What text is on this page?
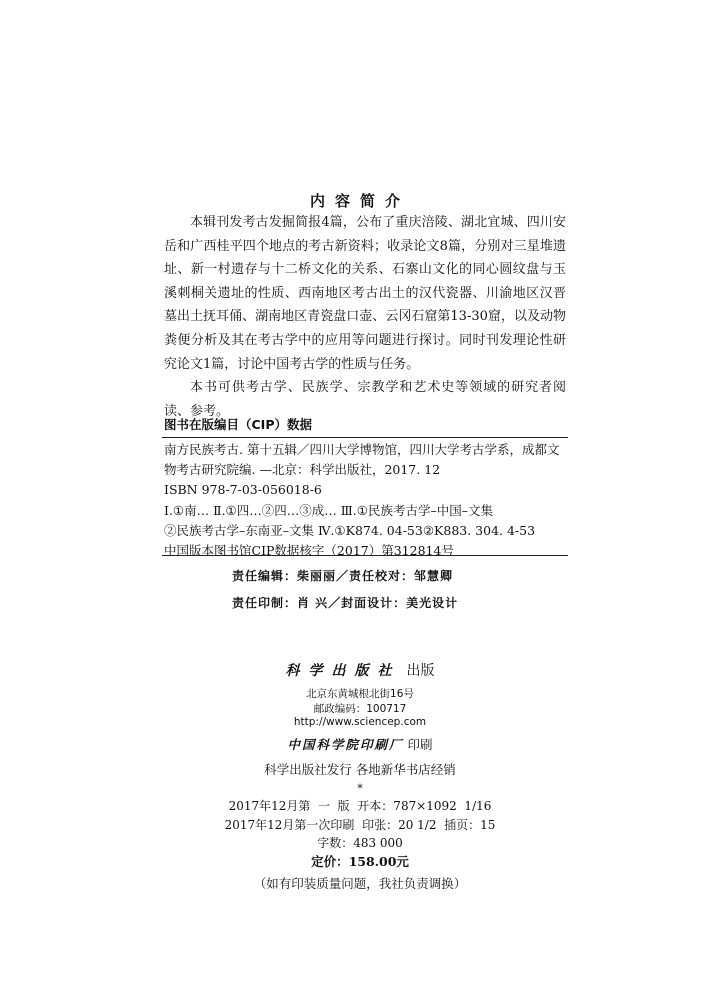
内容简介

本辑刊发考古发掘简报4篇，公布了重庆涪陵、湖北宜城、四川安岳和广西桂平四个地点的考古新资料；收录论文8篇，分别对三星堆遗址、新一村遗存与十二桥文化的关系、石寨山文化的同心圆纹盘与玉溪刺桐关遗址的性质、西南地区考古出土的汉代瓷器、川渝地区汉晋墓出土抚耳俑、湖南地区青瓷盘口壶、云冈石窟第13-30窟，以及动物粪便分析及其在考古学中的应用等问题进行探讨。同时刊发理论性研究论文1篇，讨论中国考古学的性质与任务。

本书可供考古学、民族学、宗教学和艺术史等领域的研究者阅读、参考。

图书在版编目（CIP）数据
南方民族考古. 第十五辑／四川大学博物馆，四川大学考古学系，成都文
物考古研究院编. —北京：科学出版社，2017. 12
ISBN 978-7-03-056018-6
Ⅰ.①南… Ⅱ.①四…②四…③成… Ⅲ.①民族考古学–中国–文集
②民族考古学–东南亚–文集 Ⅳ.①K874. 04-53②K883. 304. 4-53
中国版本图书馆CIP数据核字（2017）第312814号
责任编辑：柴丽丽／责任校对：邹慧卿
责任印制：肖 兴／封面设计：美光设计
科学出版社 出版
北京东黄城根北街16号
邮政编码：100717
http://www.sciencep.com
中国科学院印刷厂 印刷
科学出版社发行 各地新华书店经销
*
2017年12月第  一  版  开本：787×1092  1/16
2017年12月第一次印刷  印张：20 1/2  插页：15
字数：483 000
定价：158.00元
（如有印装质量问题，我社负责调换）
